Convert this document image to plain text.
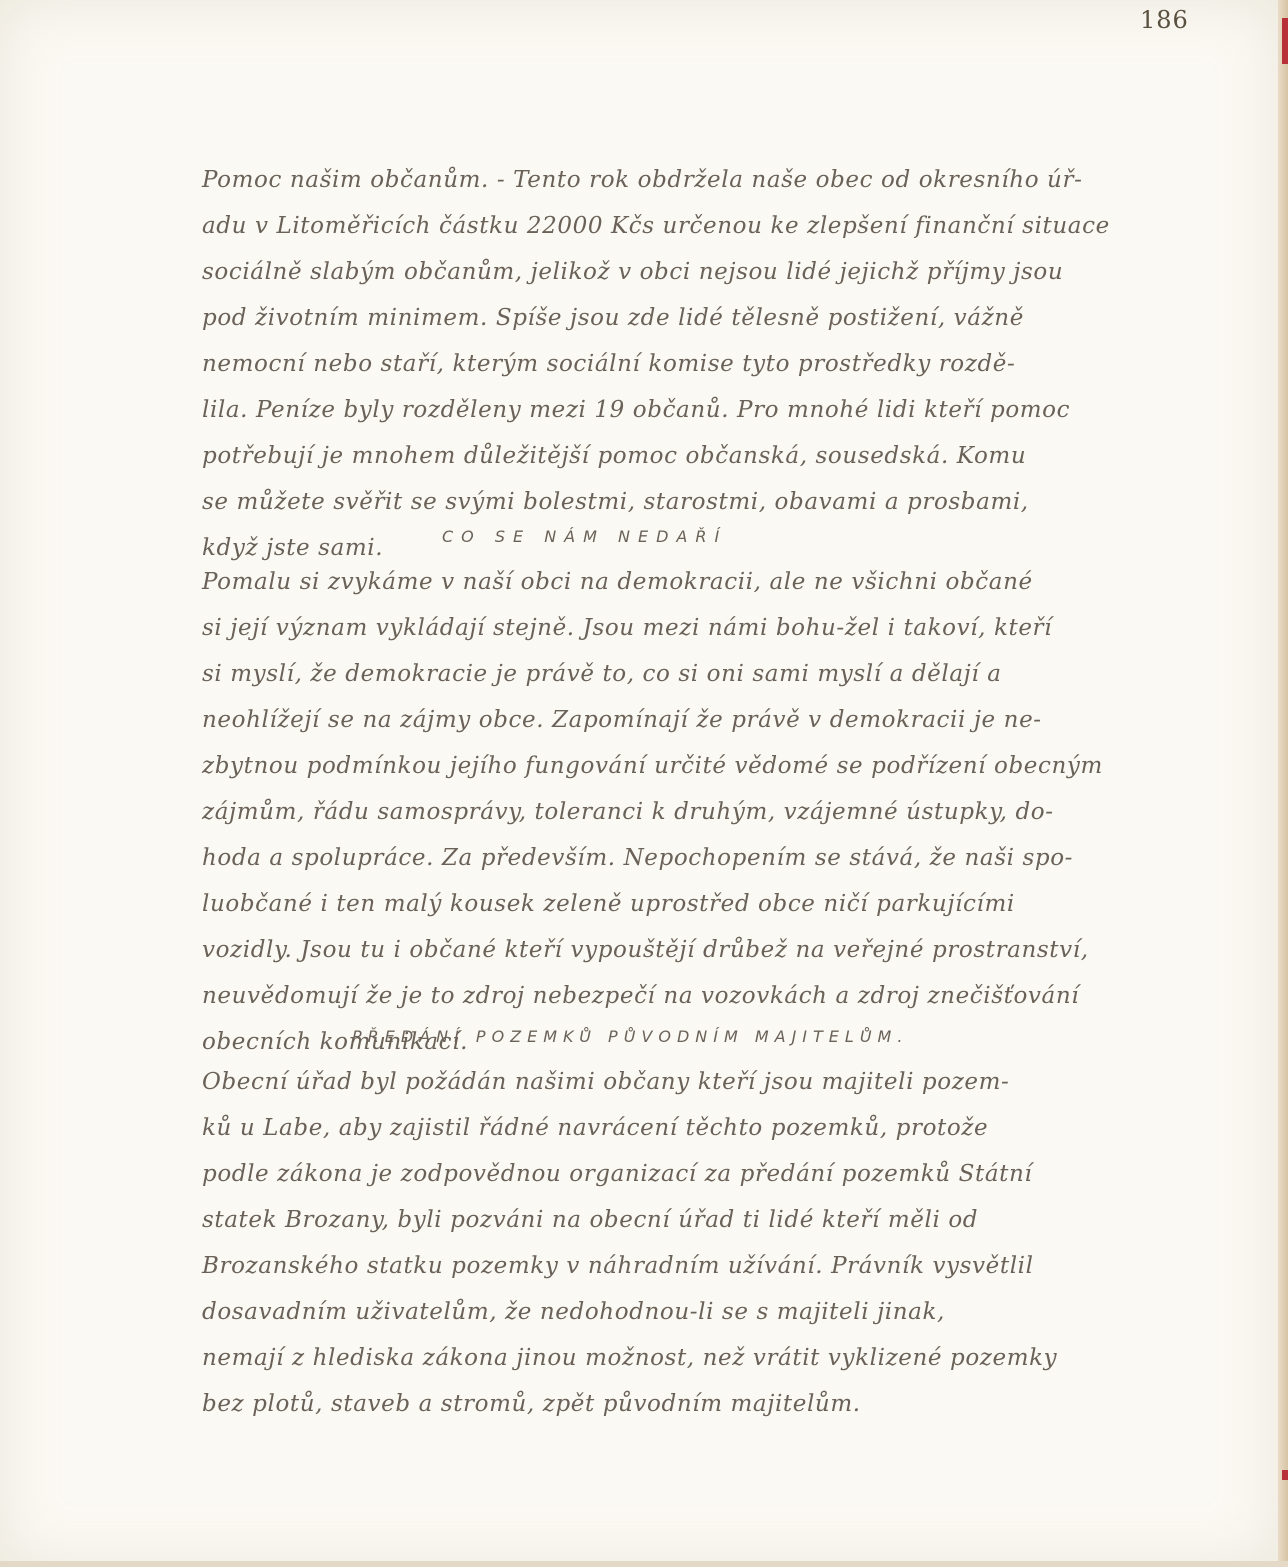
186
Pomoc našim občanům. - Tento rok obdržela naše obec od okresního úř-
adu v Litoměřicích částku 22000 Kčs určenou ke zlepšení finanční situace
sociálně slabým občanům, jelikož v obci nejsou lidé jejichž příjmy jsou
pod životním minimem. Spíše jsou zde lidé tělesně postižení, vážně
nemocní nebo staří, kterým sociální komise tyto prostředky rozdě-
lila. Peníze byly rozděleny mezi 19 občanů. Pro mnohé lidi kteří pomoc
potřebují je mnohem důležitější pomoc občanská, sousedská. Komu
se můžete svěřit se svými bolestmi, starostmi, obavami a prosbami,
když jste sami.	CO SE NÁM NEDAŘÍ
Pomalu si zvykáme v naší obci na demokracii, ale ne všichni občané
si její význam vykládají stejně. Jsou mezi námi bohu-žel i takoví, kteří
si myslí, že demokracie je právě to, co si oni sami myslí a dělají a
neohlížejí se na zájmy obce. Zapomínají že právě v demokracii je ne-
zbytnou podmínkou jejího fungování určité vědomé se podřízení obecným
zájmům, řádu samosprávy, toleranci k druhým, vzájemné ústupky, do-
hoda a spolupráce. Za především. Nepochopením se stává, že naši spo-
luobčané i ten malý kousek zeleně uprostřed obce ničí parkujícími
vozidly. Jsou tu i občané kteří vypouštějí drůbež na veřejné prostranství,
neuvědomují že je to zdroj nebezpečí na vozovkách a zdroj znečišťování
obecních komunikací.
PŘEDÁNÍ POZEMKŮ PŮVODNÍM MAJITELŮM.
Obecní úřad byl požádán našimi občany kteří jsou majiteli pozem-
ků u Labe, aby zajistil řádné navrácení těchto pozemků, protože
podle zákona je zodpovědnou organizací za předání pozemků Státní
statek Brozany, byli pozváni na obecní úřad ti lidé kteří měli od
Brozanského statku pozemky v náhradním užívání. Právník vysvětlil
dosavadním uživatelům, že nedohodnou-li se s majiteli jinak,
nemají z hlediska zákona jinou možnost, než vrátit vyklizené pozemky
bez plotů, staveb a stromů, zpět původním majitelům.
